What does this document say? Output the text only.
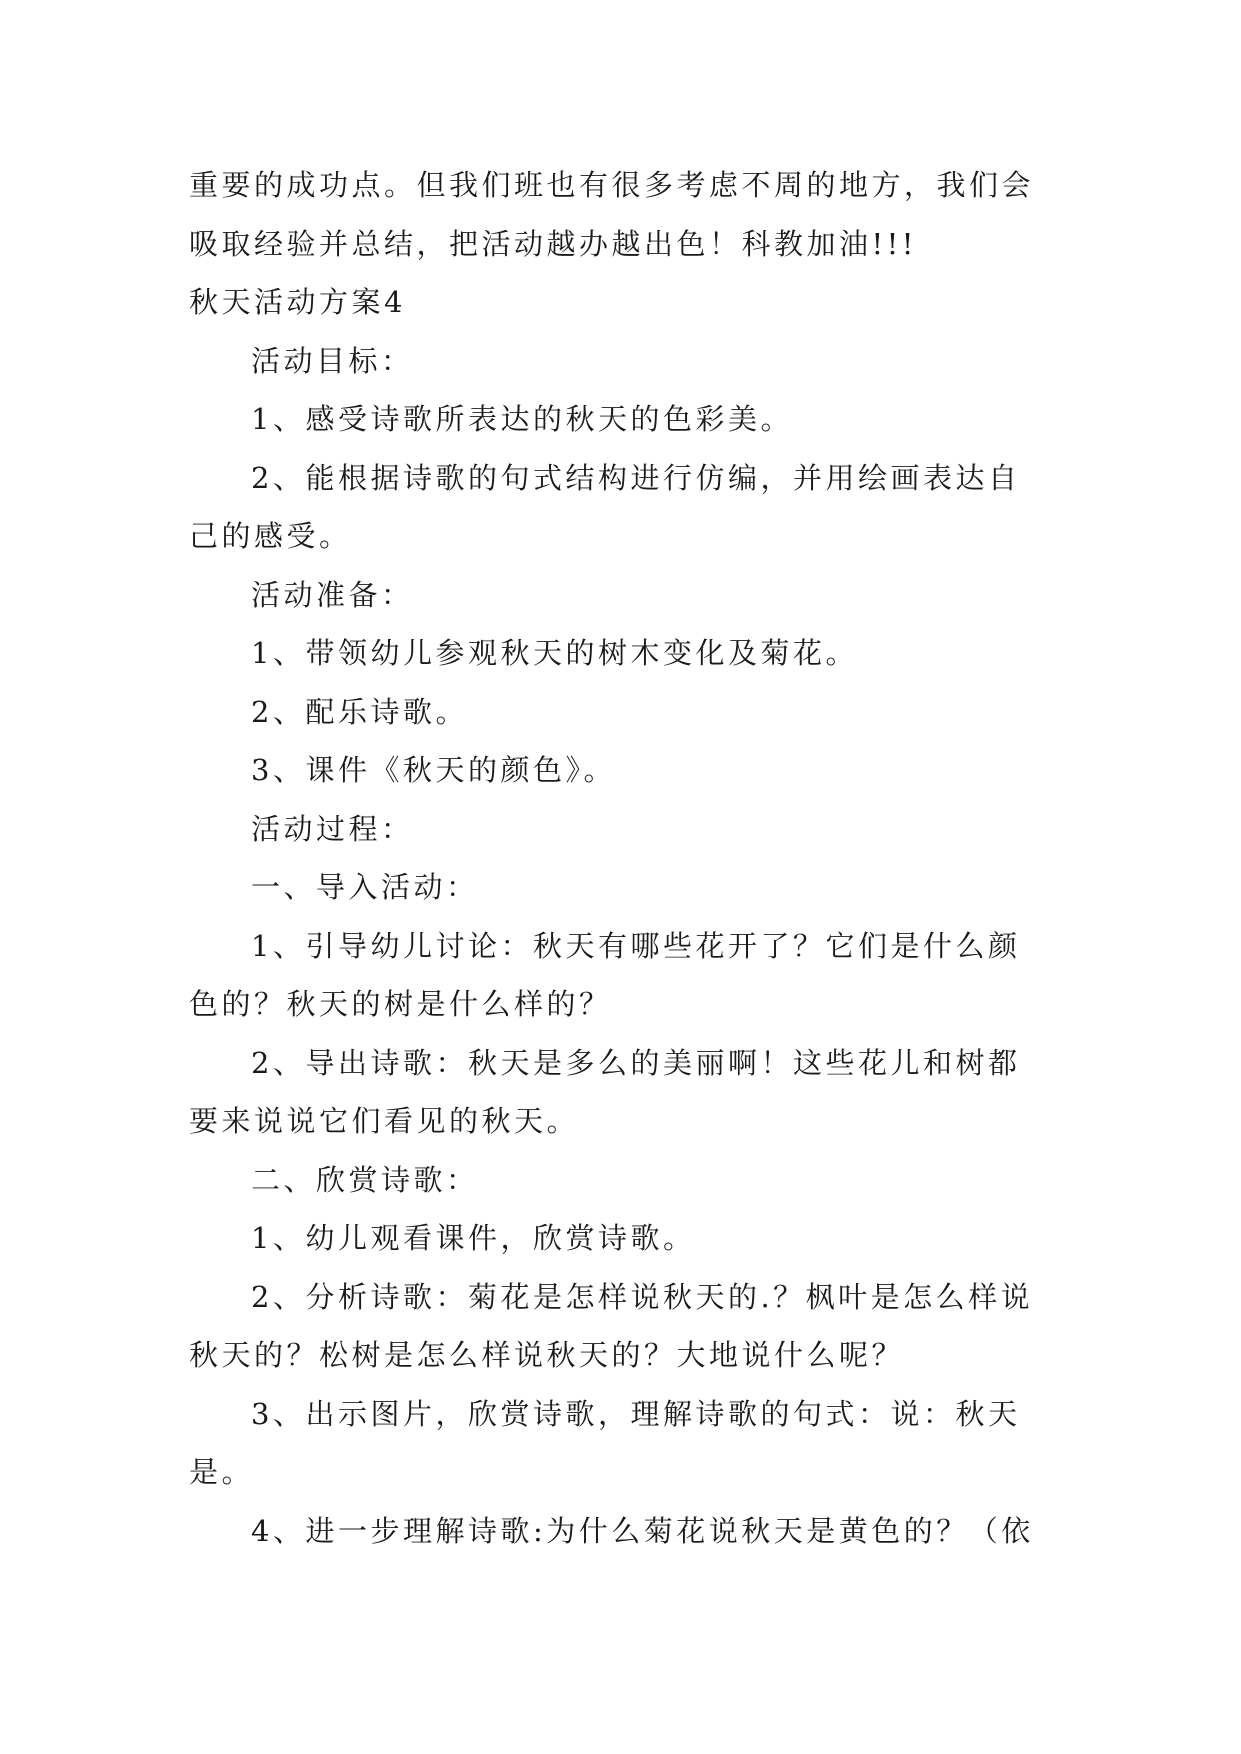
重要的成功点。但我们班也有很多考虑不周的地方，我们会
吸取经验并总结，把活动越办越出色！科教加油!!!
秋天活动方案4
活动目标：
1、感受诗歌所表达的秋天的色彩美。
2、能根据诗歌的句式结构进行仿编，并用绘画表达自
己的感受。
活动准备：
1、带领幼儿参观秋天的树木变化及菊花。
2、配乐诗歌。
3、课件《秋天的颜色》。
活动过程：
一、导入活动：
1、引导幼儿讨论：秋天有哪些花开了？它们是什么颜
色的？秋天的树是什么样的？
2、导出诗歌：秋天是多么的美丽啊！这些花儿和树都
要来说说它们看见的秋天。
二、欣赏诗歌：
1、幼儿观看课件，欣赏诗歌。
2、分析诗歌：菊花是怎样说秋天的.？枫叶是怎么样说
秋天的？松树是怎么样说秋天的？大地说什么呢？
3、出示图片，欣赏诗歌，理解诗歌的句式：说：秋天
是。
4、进一步理解诗歌:为什么菊花说秋天是黄色的？（依
